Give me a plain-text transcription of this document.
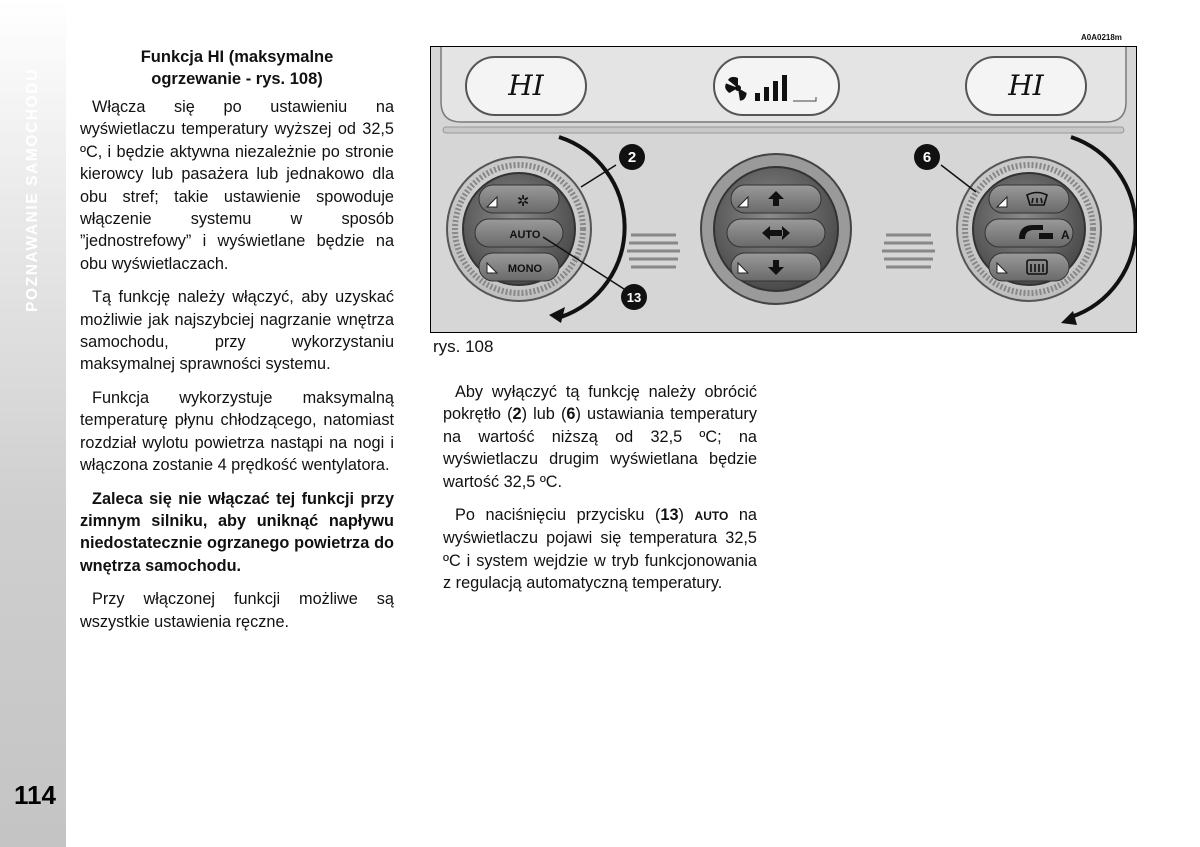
POZNAWANIE SAMOCHODU
114
Funkcja HI (maksymalne
ogrzewanie - rys. 108)

Włącza się po ustawieniu na wyświetlaczu temperatury wyższej od 32,5 ºC, i będzie aktywna niezależnie po stronie kierowcy lub pasażera lub jednakowo dla obu stref; takie ustawienie spowoduje włączenie systemu w sposób ”jednostrefowy” i wyświetlane będzie na obu wyświetlaczach.

Tą funkcję należy włączyć, aby uzyskać możliwie jak najszybciej nagrzanie wnętrza samochodu, przy wykorzystaniu maksymalnej sprawności systemu.

Funkcja wykorzystuje maksymalną temperaturę płynu chłodzącego, natomiast rozdział wylotu powietrza nastąpi na nogi i włączona zostanie 4 prędkość wentylatora.

Zaleca się nie włączać tej funkcji przy zimnym silniku, aby uniknąć napływu niedostatecznie ogrzanego powietrza do wnętrza samochodu.

Przy włączonej funkcji możliwe są wszystkie ustawienia ręczne.

A0A0218m
HI	HI
✲
AUTO
MONO
A
2	6
13
rys. 108

Aby wyłączyć tą funkcję należy obrócić pokrętło (2) lub (6) ustawiania temperatury na wartość niższą od 32,5 ºC; na wyświetlaczu drugim wyświetlana będzie wartość 32,5 ºC.

Po naciśnięciu przycisku (13) AUTO na wyświetlaczu pojawi się temperatura 32,5 ºC i system wejdzie w tryb funkcjonowania z regulacją automatyczną temperatury.
